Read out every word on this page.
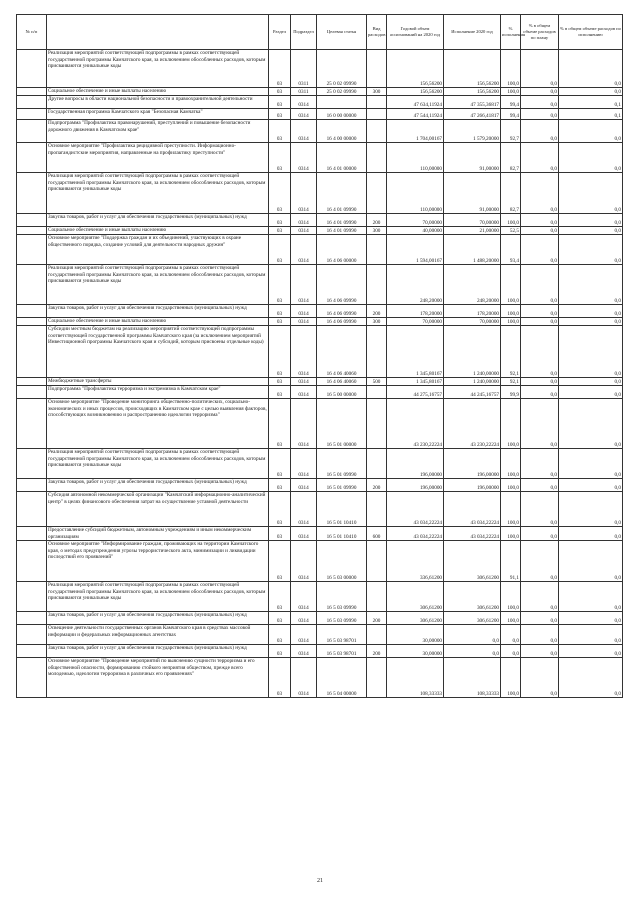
№ п/п		Раздел	Подраздел	Целевая статья	Вид расходов	Годовой объем ассигнований на 2020 год	Исполнение 2020 год	% исполнения	% в общем объеме расходов по плану	% в общем объеме расходов по исполнению
	Реализация мероприятий соответствующей подпрограммы в рамках соответствующей государственной программы Камчатского края, за исключением обособленных расходов, которым присваиваются уникальные коды	03	0311	25 0 02 09990		156,56200	156,56200	100,0	0,0	0,0
	Социальное обеспечение и иные выплаты населению	03	0311	25 0 02 09990	300	156,56200	156,56200	100,0	0,0	0,0
	Другие вопросы в области национальной безопасности и правоохранительной деятельности	03	0314			47 634,11924	47 355,36817	99,4	0,0	0,1
	Государственная программа Камчатского края "Безопасная Камчатка"	03	0314	16 0 00 00000		47 544,11924	47 266,41817	99,4	0,0	0,1
	Подпрограмма "Профилактика правонарушений, преступлений и повышение безопасности дорожного движения в Камчатском крае"	03	0314	16 4 00 00000		1 704,00167	1 579,20000	92,7	0,0	0,0
	Основное мероприятие "Профилактика рецидивной преступности. Информационно-пропагандистские мероприятия, направленные на профилактику преступности"	03	0314	16 4 01 00000		110,00000	91,00000	82,7	0,0	0,0
	Реализация мероприятий соответствующей подпрограммы в рамках соответствующей государственной программы Камчатского края, за исключением обособленных расходов, которым присваиваются уникальные коды	03	0314	16 4 01 09990		110,00000	91,00000	82,7	0,0	0,0
	Закупка товаров, работ и услуг для обеспечения государственных (муниципальных) нужд	03	0314	16 4 01 09990	200	70,00000	70,00000	100,0	0,0	0,0
	Социальное обеспечение и иные выплаты населению	03	0314	16 4 01 09990	300	40,00000	21,00000	52,5	0,0	0,0
	Основное мероприятие "Поддержка граждан и их объединений, участвующих в охране общественного порядка, создание условий для деятельности народных дружин"	03	0314	16 4 06 00000		1 594,00167	1 488,20000	93,4	0,0	0,0
	Реализация мероприятий соответствующей подпрограммы в рамках соответствующей государственной программы Камчатского края, за исключением обособленных расходов, которым присваиваются уникальные коды	03	0314	16 4 06 09990		248,20000	248,20000	100,0	0,0	0,0
	Закупка товаров, работ и услуг для обеспечения государственных (муниципальных) нужд	03	0314	16 4 06 09990	200	178,20000	178,20000	100,0	0,0	0,0
	Социальное обеспечение и иные выплаты населению	03	0314	16 4 06 09990	300	70,00000	70,00000	100,0	0,0	0,0
	Субсидии местным бюджетам на реализацию мероприятий соответствующей подпрограммы соответствующей государственной программы Камчатского края (за исключением мероприятий Инвестиционной программы Камчатского края и субсидий, которым присвоены отдельные коды)	03	0314	16 4 06 40060		1 345,80167	1 240,00000	92,1	0,0	0,0
	Межбюджетные трансферты	03	0314	16 4 06 40060	500	1 345,80167	1 240,00000	92,1	0,0	0,0
	Подпрограмма "Профилактика терроризма и экстремизма в Камчатском крае"	03	0314	16 5 00 00000		44 275,16757	44 245,16757	99,9	0,0	0,0
	Основное мероприятие "Проведение мониторинга общественно-политических, социально-экономических и иных процессов, происходящих в Камчатском крае с целью выявления факторов, способствующих возникновению и распространению идеологии терроризма"	03	0314	16 5 01 00000		43 230,22224	43 230,22224	100,0	0,0	0,0
	Реализация мероприятий соответствующей подпрограммы в рамках соответствующей государственной программы Камчатского края, за исключением обособленных расходов, которым присваиваются уникальные коды	03	0314	16 5 01 09990		196,00000	196,00000	100,0	0,0	0,0
	Закупка товаров, работ и услуг для обеспечения государственных (муниципальных) нужд	03	0314	16 5 01 09990	200	196,00000	196,00000	100,0	0,0	0,0
	Субсидия автономной некоммерческой организации "Камчатский информационно-аналитический центр" в целях финансового обеспечения затрат на осуществление уставной деятельности	03	0314	16 5 01 10410		43 034,22224	43 034,22224	100,0	0,0	0,0
	Предоставление субсидий бюджетным, автономным учреждениям и иным некоммерческим организациям	03	0314	16 5 01 10410	600	43 034,22224	43 034,22224	100,0	0,0	0,0
	Основное мероприятие "Информирование граждан, проживающих на территории Камчатского края, о методах предупреждения угрозы террористического акта, минимизации и ликвидации последствий его проявлений"	03	0314	16 5 03 00000		336,61200	306,61200	91,1	0,0	0,0
	Реализация мероприятий соответствующей подпрограммы в рамках соответствующей государственной программы Камчатского края, за исключением обособленных расходов, которым присваиваются уникальные коды	03	0314	16 5 03 09990		306,61200	306,61200	100,0	0,0	0,0
	Закупка товаров, работ и услуг для обеспечения государственных (муниципальных) нужд	03	0314	16 5 03 09990	200	306,61200	306,61200	100,0	0,0	0,0
	Освещение деятельности государственных органов Камчатского края в средствах массовой информации и федеральных информационных агентствах	03	0314	16 5 03 98701		30,00000	0,0	0,0	0,0	0,0
	Закупка товаров, работ и услуг для обеспечения государственных (муниципальных) нужд	03	0314	16 5 03 98701	200	30,00000	0,0	0,0	0,0	0,0
	Основное мероприятие "Проведение мероприятий по выяснению сущности терроризма и его общественной опасности, формированию стойкого неприятия обществом, прежде всего молодежью, идеологии терроризма в различных его проявлениях"	03	0314	16 5 04 00000		108,33333	108,33333	100,0	0,0	0,0
21
